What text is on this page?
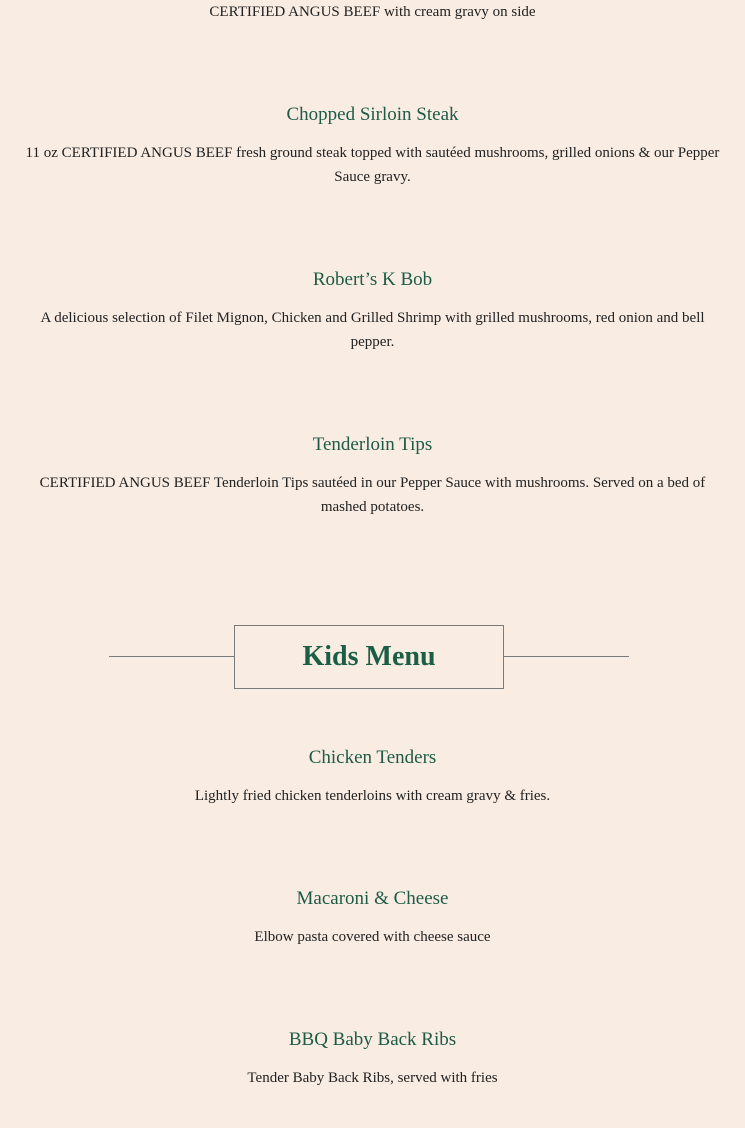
CERTIFIED ANGUS BEEF with cream gravy on side
Chopped Sirloin Steak
11 oz CERTIFIED ANGUS BEEF fresh ground steak topped with sautéed mushrooms, grilled onions & our Pepper Sauce gravy.
Robert’s K Bob
A delicious selection of Filet Mignon, Chicken and Grilled Shrimp with grilled mushrooms, red onion and bell pepper.
Tenderloin Tips
CERTIFIED ANGUS BEEF Tenderloin Tips sautéed in our Pepper Sauce with mushrooms. Served on a bed of mashed potatoes.
Kids Menu
Chicken Tenders
Lightly fried chicken tenderloins with cream gravy & fries.
Macaroni & Cheese
Elbow pasta covered with cheese sauce
BBQ Baby Back Ribs
Tender Baby Back Ribs, served with fries
